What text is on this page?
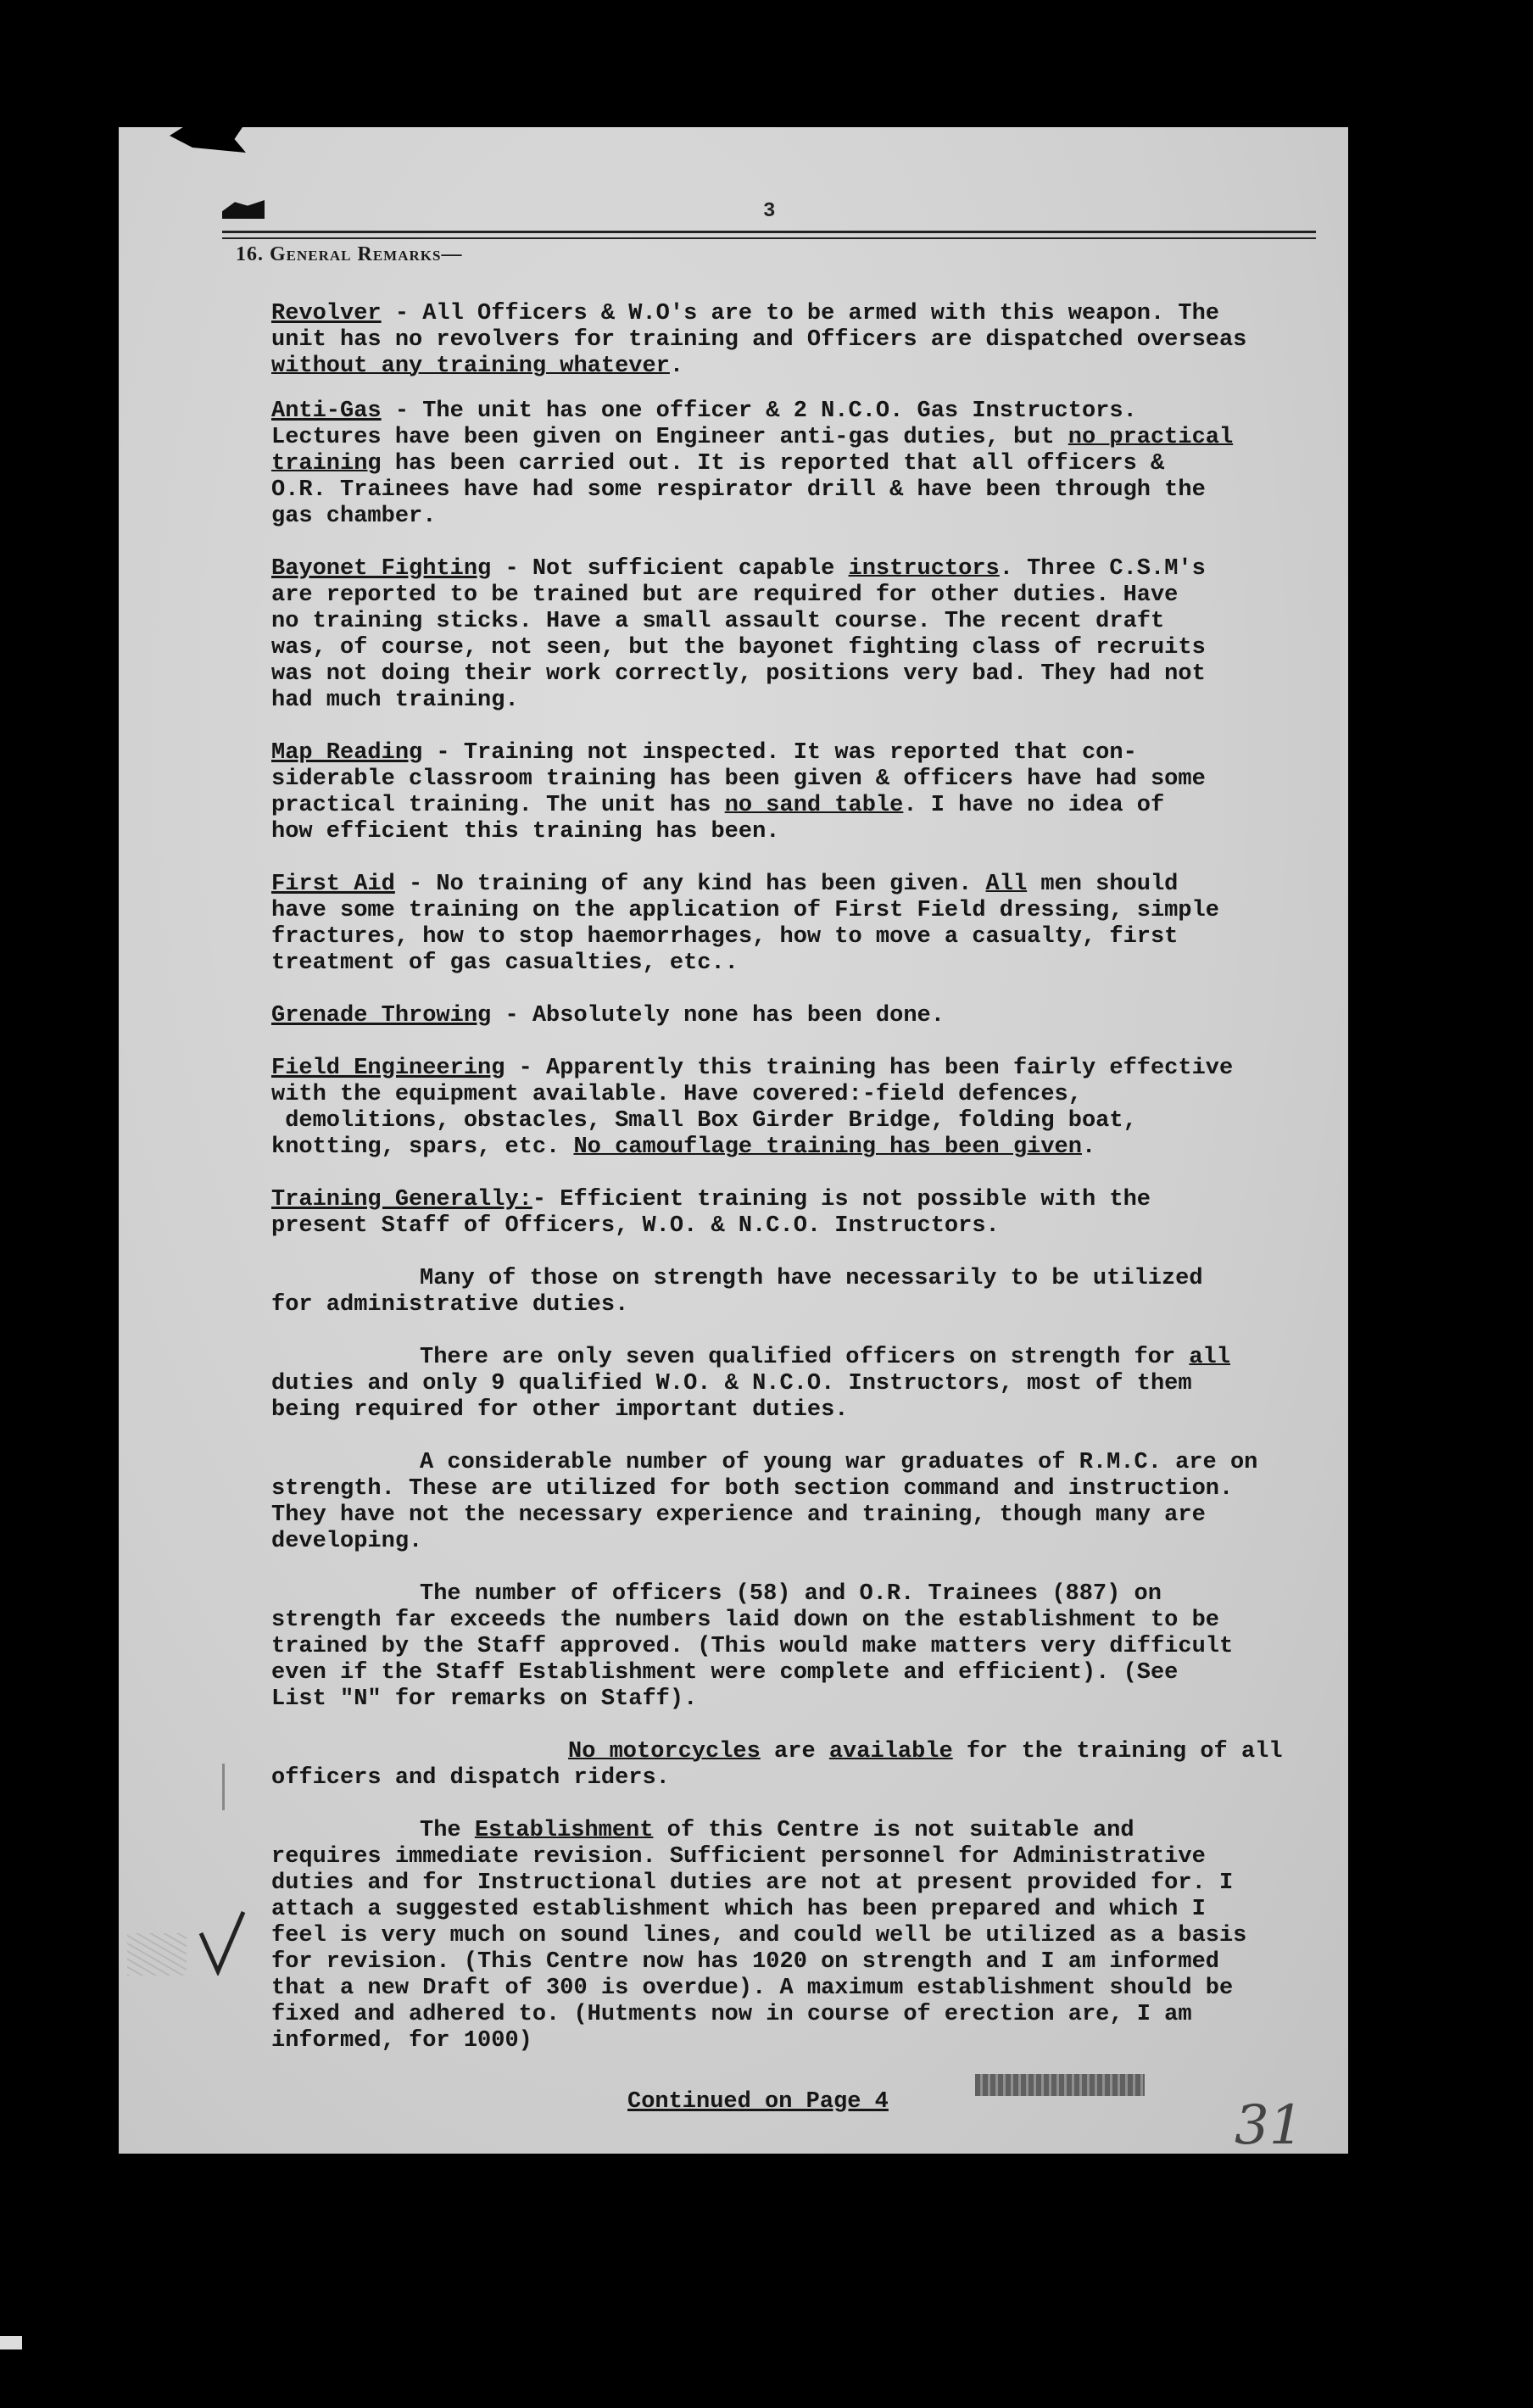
3
16. General Remarks—
Revolver - All Officers & W.O's are to be armed with this weapon. The
unit has no revolvers for training and Officers are dispatched overseas
without any training whatever.
Anti-Gas - The unit has one officer & 2 N.C.O. Gas Instructors.
Lectures have been given on Engineer anti-gas duties, but no practical
training has been carried out. It is reported that all officers &
O.R. Trainees have had some respirator drill & have been through the
gas chamber.
Bayonet Fighting - Not sufficient capable instructors. Three C.S.M's
are reported to be trained but are required for other duties. Have
no training sticks. Have a small assault course. The recent draft
was, of course, not seen, but the bayonet fighting class of recruits
was not doing their work correctly, positions very bad. They had not
had much training.
Map Reading - Training not inspected. It was reported that con-
siderable classroom training has been given & officers have had some
practical training. The unit has no sand table. I have no idea of
how efficient this training has been.
First Aid - No training of any kind has been given. All men should
have some training on the application of First Field dressing, simple
fractures, how to stop haemorrhages, how to move a casualty, first
treatment of gas casualties, etc..
Grenade Throwing - Absolutely none has been done.
Field Engineering - Apparently this training has been fairly effective
with the equipment available. Have covered:-field defences,
demolitions, obstacles, Small Box Girder Bridge, folding boat,
knotting, spars, etc. No camouflage training has been given.
Training Generally:- Efficient training is not possible with the
present Staff of Officers, W.O. & N.C.O. Instructors.
Many of those on strength have necessarily to be utilized
for administrative duties.
There are only seven qualified officers on strength for all
duties and only 9 qualified W.O. & N.C.O. Instructors, most of them
being required for other important duties.
A considerable number of young war graduates of R.M.C. are on
strength. These are utilized for both section command and instruction.
They have not the necessary experience and training, though many are
developing.
The number of officers (58) and O.R. Trainees (887) on
strength far exceeds the numbers laid down on the establishment to be
trained by the Staff approved. (This would make matters very difficult
even if the Staff Establishment were complete and efficient). (See
List "N" for remarks on Staff).
No motorcycles are available for the training of all
officers and dispatch riders.
The Establishment of this Centre is not suitable and
requires immediate revision. Sufficient personnel for Administrative
duties and for Instructional duties are not at present provided for. I
attach a suggested establishment which has been prepared and which I
feel is very much on sound lines, and could well be utilized as a basis
for revision. (This Centre now has 1020 on strength and I am informed
that a new Draft of 300 is overdue). A maximum establishment should be
fixed and adhered to. (Hutments now in course of erection are, I am
informed, for 1000)
Continued on Page 4	31
